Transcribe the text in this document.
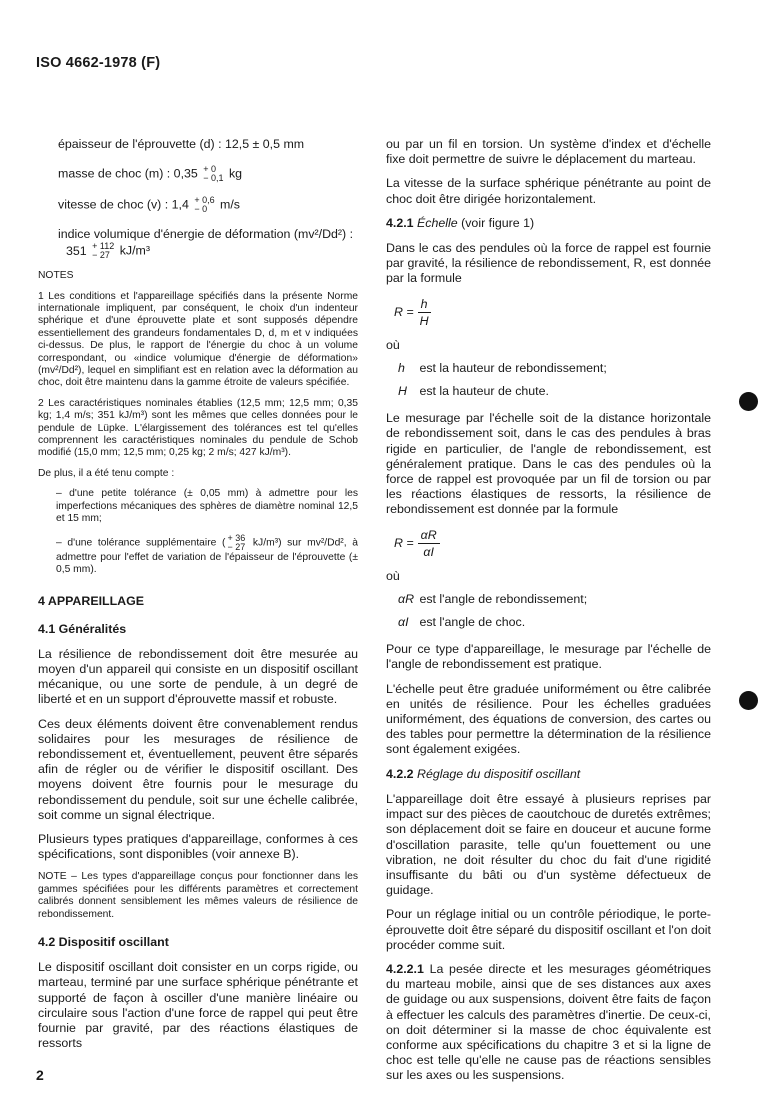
ISO 4662-1978 (F)

épaisseur de l'éprouvette (d) : 12,5 ± 0,5 mm

masse de choc (m) : 0,35 + 0
− 0,1 kg

vitesse de choc (v) : 1,4 + 0,6
− 0	m/s

indice volumique d'énergie de déformation (mv²/Dd²) :
351 + 112
− 27 kJ/m³

NOTES

1 Les conditions et l'appareillage spécifiés dans la présente Norme internationale impliquent, par conséquent, le choix d'un indenteur sphérique et d'une éprouvette plate et sont supposés dépendre essentiellement des grandeurs fondamentales D, d, m et v indiquées ci-dessus. De plus, le rapport de l'énergie du choc à un volume correspondant, ou «indice volumique d'énergie de déformation» (mv²/Dd²), lequel en simplifiant est en relation avec la déformation au choc, doit être maintenu dans la gamme étroite de valeurs spécifiée.

2 Les caractéristiques nominales établies (12,5 mm; 12,5 mm; 0,35 kg; 1,4 m/s; 351 kJ/m³) sont les mêmes que celles données pour le pendule de Lüpke. L'élargissement des tolérances est tel qu'elles comprennent les caractéristiques nominales du pendule de Schob modifié (15,0 mm; 12,5 mm; 0,25 kg; 2 m/s; 427 kJ/m³).

De plus, il a été tenu compte :

– d'une petite tolérance (± 0,05 mm) à admettre pour les imperfections mécaniques des sphères de diamètre nominal 12,5 et 15 mm;

– d'une tolérance supplémentaire ( + 36
− 27 kJ/m³) sur mv²/Dd², à admettre pour l'effet de variation de l'épaisseur de l'éprouvette (± 0,5 mm).

4 APPAREILLAGE
4.1 Généralités

La résilience de rebondissement doit être mesurée au moyen d'un appareil qui consiste en un dispositif oscillant mécanique, ou une sorte de pendule, à un degré de liberté et en un support d'éprouvette massif et robuste.

Ces deux éléments doivent être convenablement rendus solidaires pour les mesurages de résilience de rebondissement et, éventuellement, peuvent être séparés afin de régler ou de vérifier le dispositif oscillant. Des moyens doivent être fournis pour le mesurage du rebondissement du pendule, soit sur une échelle calibrée, soit comme un signal électrique.

Plusieurs types pratiques d'appareillage, conformes à ces spécifications, sont disponibles (voir annexe B).

NOTE – Les types d'appareillage conçus pour fonctionner dans les gammes spécifiées pour les différents paramètres et correctement calibrés donnent sensiblement les mêmes valeurs de résilience de rebondissement.

4.2 Dispositif oscillant

Le dispositif oscillant doit consister en un corps rigide, ou marteau, terminé par une surface sphérique pénétrante et supporté de façon à osciller d'une manière linéaire ou circulaire sous l'action d'une force de rappel qui peut être fournie par gravité, par des réactions élastiques de ressorts

ou par un fil en torsion. Un système d'index et d'échelle fixe doit permettre de suivre le déplacement du marteau.

La vitesse de la surface sphérique pénétrante au point de choc doit être dirigée horizontalement.

4.2.1 Échelle (voir figure 1)

Dans le cas des pendules où la force de rappel est fournie par gravité, la résilience de rebondissement, R, est donnée par la formule

$R = \frac{h}{H}$

où

h est la hauteur de rebondissement;

H est la hauteur de chute.

Le mesurage par l'échelle soit de la distance horizontale de rebondissement soit, dans le cas des pendules à bras rigide en particulier, de l'angle de rebondissement, est généralement pratique. Dans le cas des pendules où la force de rappel est provoquée par un fil de torsion ou par les réactions élastiques de ressorts, la résilience de rebondissement est donnée par la formule

$R = \frac{\alpha R}{\alpha I}$

où

αR est l'angle de rebondissement;

αI est l'angle de choc.

Pour ce type d'appareillage, le mesurage par l'échelle de l'angle de rebondissement est pratique.

L'échelle peut être graduée uniformément ou être calibrée en unités de résilience. Pour les échelles graduées uniformément, des équations de conversion, des cartes ou des tables pour permettre la détermination de la résilience sont également exigées.

4.2.2 Réglage du dispositif oscillant

L'appareillage doit être essayé à plusieurs reprises par impact sur des pièces de caoutchouc de duretés extrêmes; son déplacement doit se faire en douceur et aucune forme d'oscillation parasite, telle qu'un fouettement ou une vibration, ne doit résulter du choc du fait d'une rigidité insuffisante du bâti ou d'un système défectueux de guidage.

Pour un réglage initial ou un contrôle périodique, le porte-éprouvette doit être séparé du dispositif oscillant et l'on doit procéder comme suit.

4.2.2.1 La pesée directe et les mesurages géométriques du marteau mobile, ainsi que de ses distances aux axes de guidage ou aux suspensions, doivent être faits de façon à effectuer les calculs des paramètres d'inertie. De ceux-ci, on doit déterminer si la masse de choc équivalente est conforme aux spécifications du chapitre 3 et si la ligne de choc est telle qu'elle ne cause pas de réactions sensibles sur les axes ou les suspensions.

2
